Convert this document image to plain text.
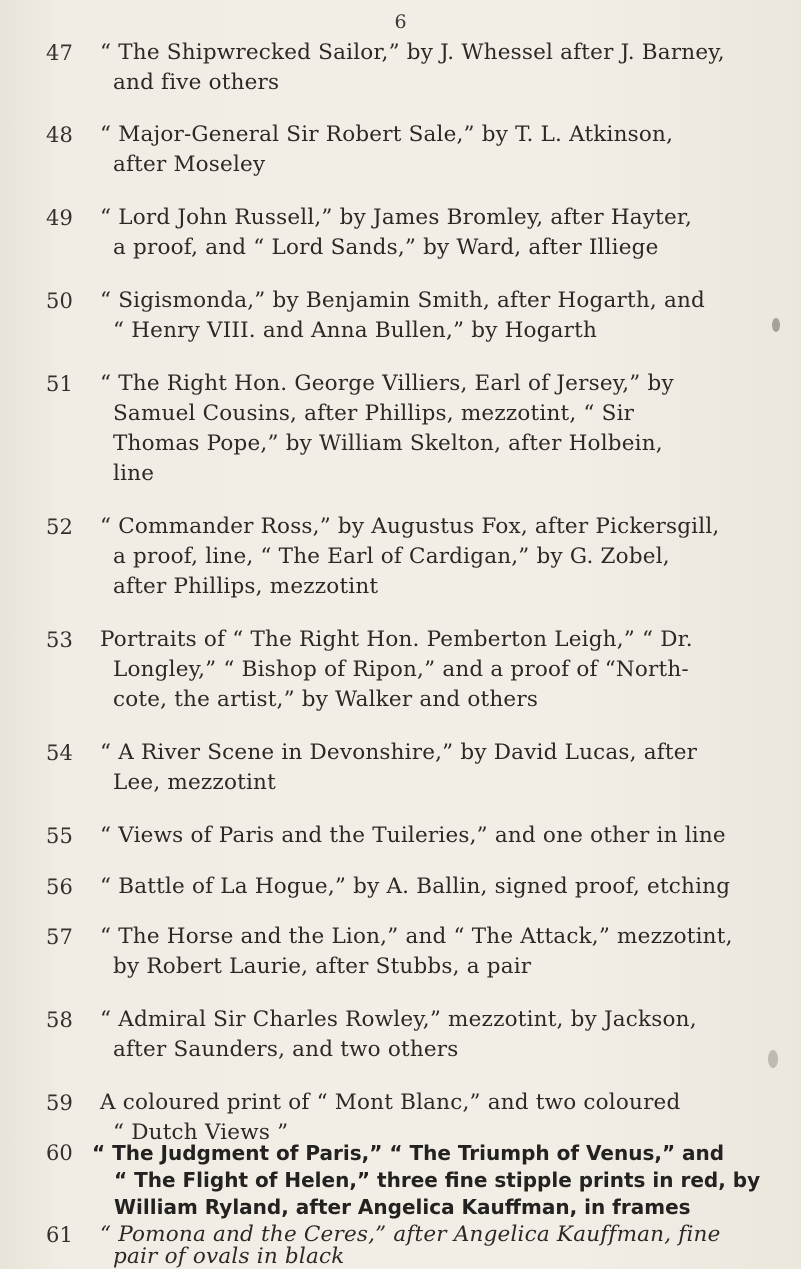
6
47	“ The Shipwrecked Sailor,” by J. Whessel after J. Barney,
and five others
48	“ Major-General Sir Robert Sale,” by T. L. Atkinson,
after Moseley
49	“ Lord John Russell,” by James Bromley, after Hayter,
a proof, and “ Lord Sands,” by Ward, after Illiege
50	“ Sigismonda,” by Benjamin Smith, after Hogarth, and
“ Henry VIII. and Anna Bullen,” by Hogarth
51	“ The Right Hon. George Villiers, Earl of Jersey,” by
Samuel Cousins, after Phillips, mezzotint, “ Sir
Thomas Pope,” by William Skelton, after Holbein,
line
52	“ Commander Ross,” by Augustus Fox, after Pickersgill,
a proof, line, “ The Earl of Cardigan,” by G. Zobel,
after Phillips, mezzotint
53	Portraits of “ The Right Hon. Pemberton Leigh,” “ Dr.
Longley,” “ Bishop of Ripon,” and a proof of “North-
cote, the artist,” by Walker and others
54	“ A River Scene in Devonshire,” by David Lucas, after
Lee, mezzotint
55	“ Views of Paris and the Tuileries,” and one other in line
56	“ Battle of La Hogue,” by A. Ballin, signed proof, etching
57	“ The Horse and the Lion,” and “ The Attack,” mezzotint,
by Robert Laurie, after Stubbs, a pair
58	“ Admiral Sir Charles Rowley,” mezzotint, by Jackson,
after Saunders, and two others
59	A coloured print of “ Mont Blanc,” and two coloured
“ Dutch Views ”
60 “ The Judgment of Paris,” “ The Triumph of Venus,” and
“ The Flight of Helen,” three fine stipple prints in red, by
William Ryland, after Angelica Kauffman, in frames
61	“ Pomona and the Ceres,” after Angelica Kauffman, fine
pair of ovals in black
